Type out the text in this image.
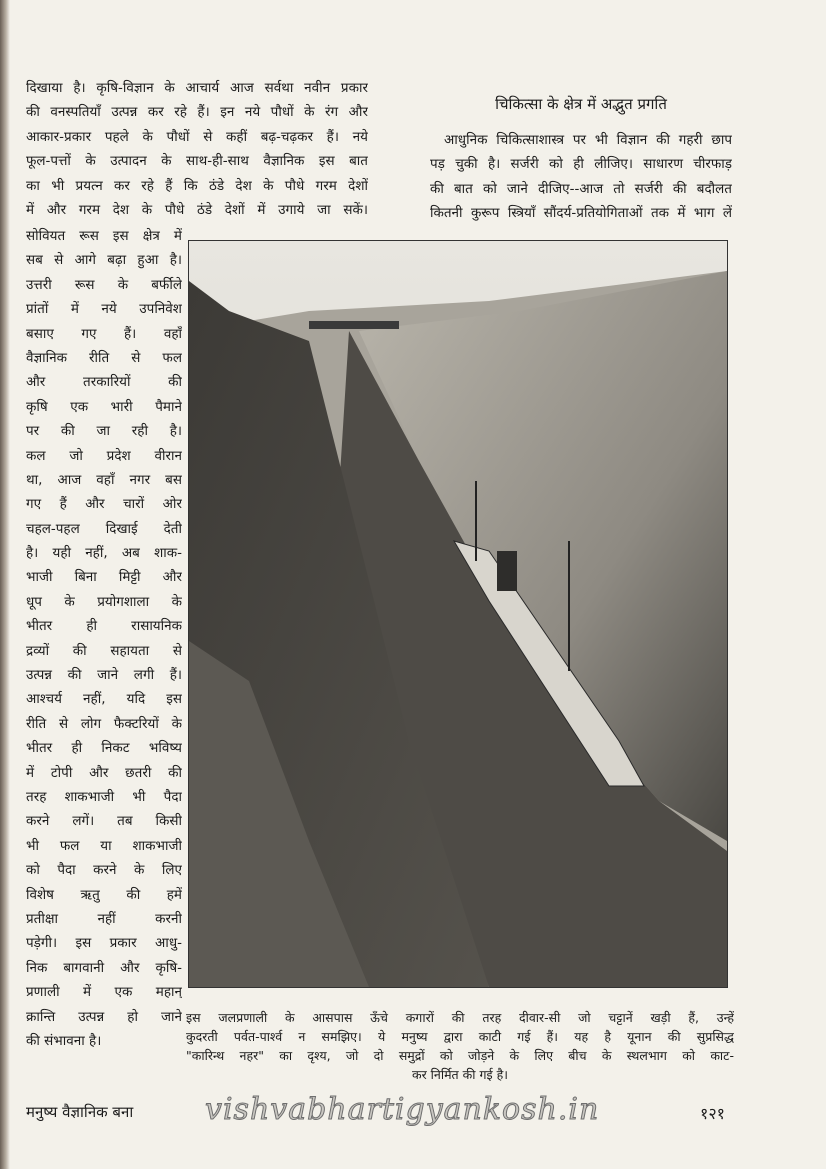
दिखाया है। कृषि-विज्ञान के आचार्य आज सर्वथा नवीन प्रकार
की वनस्पतियाँ उत्पन्न कर रहे हैं। इन नये पौधों के रंग और
आकार-प्रकार पहले के पौधों से कहीं बढ़-चढ़कर हैं। नये
फूल-पत्तों के उत्पादन के साथ-ही-साथ वैज्ञानिक इस बात
का भी प्रयत्न कर रहे हैं कि ठंडे देश के पौधे गरम देशों
में और गरम देश के पौधे ठंडे देशों में उगाये जा सकें।
चिकित्सा के क्षेत्र में अद्भुत प्रगति
आधुनिक चिकित्साशास्त्र पर भी विज्ञान की गहरी छाप
पड़ चुकी है। सर्जरी को ही लीजिए। साधारण चीरफाड़
की बात को जाने दीजिए--आज तो सर्जरी की बदौलत
कितनी कुरूप स्त्रियाँ सौंदर्य-प्रतियोगिताओं तक में भाग लें
सोवियत रूस इस क्षेत्र में
सब से आगे बढ़ा हुआ है।
उत्तरी रूस के बर्फीले
प्रांतों में नये उपनिवेश
बसाए गए हैं। वहाँ
वैज्ञानिक रीति से फल
और तरकारियों की
कृषि एक भारी पैमाने
पर की जा रही है।
कल जो प्रदेश वीरान
था, आज वहाँ नगर बस
गए हैं और चारों ओर
चहल-पहल दिखाई देती
है। यही नहीं, अब शाक-
भाजी बिना मिट्टी और
धूप के प्रयोगशाला के
भीतर ही रासायनिक
द्रव्यों की सहायता से
उत्पन्न की जाने लगी हैं।
आश्चर्य नहीं, यदि इस
रीति से लोग फैक्टरियों के
भीतर ही निकट भविष्य
में टोपी और छतरी की
तरह शाकभाजी भी पैदा
करने लगें। तब किसी
भी फल या शाकभाजी
को पैदा करने के लिए
विशेष ऋतु की हमें
प्रतीक्षा नहीं करनी
पड़ेगी। इस प्रकार आधु-
निक बागवानी और कृषि-
प्रणाली में एक महान्
क्रान्ति उत्पन्न हो जाने
की संभावना है।
इस जलप्रणाली के आसपास ऊँचे कगारों की तरह दीवार-सी जो चट्टानें खड़ी हैं, उन्हें
कुदरती पर्वत-पार्श्व न समझिए। ये मनुष्य द्वारा काटी गई हैं। यह है यूनान की सुप्रसिद्ध
"कारिन्थ नहर" का दृश्य, जो दो समुद्रों को जोड़ने के लिए बीच के स्थलभाग को काट-
कर निर्मित की गई है।
मनुष्य वैज्ञानिक बना vishvabhartigyankosh.in	१२१
